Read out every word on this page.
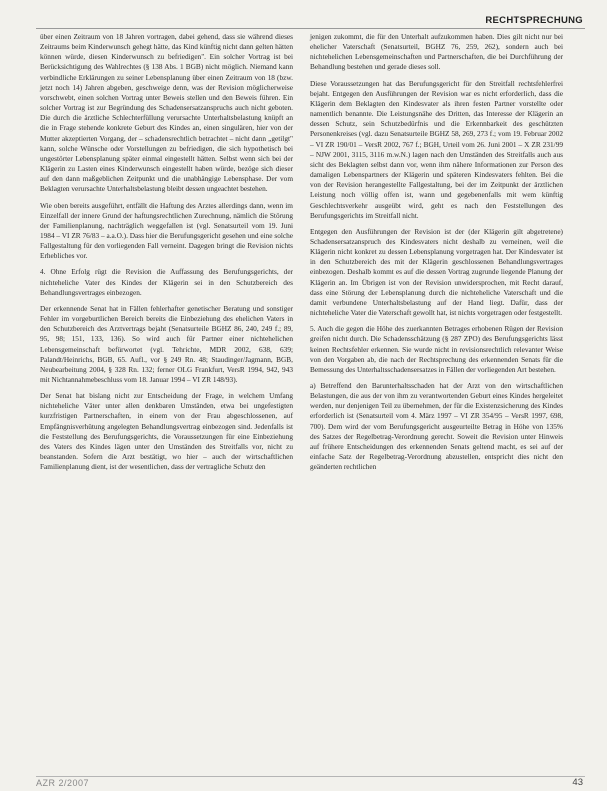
RECHTSPRECHUNG

über einen Zeitraum von 18 Jahren vortragen, dabei gehend, dass sie während dieses Zeitraums beim Kinderwunsch gehegt hätte, das Kind künftig nicht dann gelten hätten können würde, diesen Kinderwunsch zu befriedigen". Ein solcher Vortrag ist bei Berücksichtigung des Wahlrechtes (§ 138 Abs. 1 BGB) nicht möglich. Niemand kann verbindliche Erklärungen zu seiner Lebensplanung über einen Zeitraum von 18 (bzw. jetzt noch 14) Jahren abgeben, geschweige denn, was der Revision möglicherweise vorschwebt, einen solchen Vortrag unter Beweis stellen und den Beweis führen. Ein solcher Vortrag ist zur Begründung des Schadensersatzanspruchs auch nicht geboten. Die durch die ärztliche Schlechterfüllung verursachte Unterhaltsbelastung knüpft an die in Frage stehende konkrete Geburt des Kindes an, einen singulären, hier von der Mutter akzeptierten Vorgang, der – schadensrechtlich betrachtet – nicht dann „getilgt" kann, solche Wünsche oder Vorstellungen zu befriedigen, die sich hypothetisch bei ungestörter Lebensplanung später einmal eingestellt hätten. Selbst wenn sich bei der Klägerin zu Lasten eines Kinderwunsch eingestellt haben würde, bezöge sich dieser auf den dann maßgeblichen Zeitpunkt und die unabhängige Lebensphase. Der vom Beklagten verursachte Unterhaltsbelastung bleibt dessen ungeachtet bestehen.

Wie oben bereits ausgeführt, entfällt die Haftung des Arztes allerdings dann, wenn im Einzelfall der innere Grund der haftungsrechtlichen Zurechnung, nämlich die Störung der Familienplanung, nachträglich weggefallen ist (vgl. Senatsurteil vom 19. Juni 1984 – VI ZR 76/83 – a.a.O.). Dass hier die Berufungsgericht gesehen und eine solche Fallgestaltung für den vorliegenden Fall verneint. Dagegen bringt die Revision nichts Erhebliches vor.

4. Ohne Erfolg rügt die Revision die Auffassung des Berufungsgerichts, der nichteheliche Vater des Kindes der Klägerin sei in den Schutzbereich des Behandlungsvertrages einbezogen.

Der erkennende Senat hat in Fällen fehlerhafter genetischer Beratung und sonstiger Fehler im vorgeburtlichen Bereich bereits die Einbeziehung des ehelichen Vaters in den Schutzbereich des Arztvertrags bejaht (Senatsurteile BGHZ 86, 240, 249 f.; 89, 95, 98; 151, 133, 136). So wird auch für Partner einer nichtehelichen Lebensgemeinschaft befürwortet (vgl. Tehrichte, MDR 2002, 638, 639; Palandt/Heinrichs, BGB, 65. Aufl., vor § 249 Rn. 48; Staudinger/Jagmann, BGB, Neubearbeitung 2004, § 328 Rn. 132; ferner OLG Frankfurt, VersR 1994, 942, 943 mit Nichtannahmebeschluss vom 18. Januar 1994 – VI ZR 148/93).

Der Senat hat bislang nicht zur Entscheidung der Frage, in welchem Umfang nichteheliche Väter unter allen denkbaren Umständen, etwa bei ungefestigten kurzfristigen Partnerschaften, in einem von der Frau abgeschlossenen, auf Empfängnisverhütung angelegten Behandlungsvertrag einbezogen sind. Jedenfalls ist die Feststellung des Berufungsgerichts, die Voraussetzungen für eine Einbeziehung des Vaters des Kindes lägen unter den Umständen des Streitfalls vor, nicht zu beanstanden. Sofern die Arzt bestätigt, wo hier – auch der wirtschaftlichen Familienplanung dient, ist der wesentlichen, dass der vertragliche Schutz den

jenigen zukommt, die für den Unterhalt aufzukommen haben. Dies gilt nicht nur bei ehelicher Vaterschaft (Senatsurteil, BGHZ 76, 259, 262), sondern auch bei nichtehelichen Lebensgemeinschaften und Partnerschaften, die bei Durchführung der Behandlung bestehen und gerade dieses soll.

Diese Voraussetzungen hat das Berufungsgericht für den Streitfall rechtsfehlerfrei bejaht. Entgegen den Ausführungen der Revision war es nicht erforderlich, dass die Klägerin dem Beklagten den Kindesvater als ihren festen Partner vorstellte oder namentlich benannte. Die Leistungsnähe des Dritten, das Interesse der Klägerin an dessen Schutz, sein Schutzbedürfnis und die Erkennbarkeit des geschützten Personenkreises (vgl. dazu Senatsurteile BGHZ 58, 269, 273 f.; vom 19. Februar 2002 – VI ZR 190/01 – VersR 2002, 767 f.; BGH, Urteil vom 26. Juni 2001 – X ZR 231/99 – NJW 2001, 3115, 3116 m.w.N.) lagen nach den Umständen des Streitfalls auch aus sicht des Beklagten selbst dann vor, wenn ihm nähere Informationen zur Person des damaligen Lebenspartners der Klägerin und späteren Kindesvaters fehlten. Bei die von der Revision herangestellte Fallgestaltung, bei der im Zeitpunkt der ärztlichen Leistung noch völlig offen ist, wann und gegebenenfalls mit wem künftig Geschlechtsverkehr ausgeübt wird, geht es nach den Feststellungen des Berufungsgerichts im Streitfall nicht.

Entgegen den Ausführungen der Revision ist der (der Klägerin gilt abgetretene) Schadensersatzanspruch des Kindesvaters nicht deshalb zu verneinen, weil die Klägerin nicht konkret zu dessen Lebensplanung vorgetragen hat. Der Kindesvater ist in den Schutzbereich des mit der Klägerin geschlossenen Behandlungsvertrages einbezogen. Deshalb kommt es auf die dessen Vortrag zugrunde liegende Planung der Klägerin an. Im Übrigen ist von der Revision unwidersprochen, mit Recht darauf, dass eine Störung der Lebensplanung durch die nichteheliche Vaterschaft und die damit verbundene Unterhaltsbelastung auf der Hand liegt. Dafür, dass der nichteheliche Vater die Vaterschaft gewollt hat, ist nichts vorgetragen oder festgestellt.

5. Auch die gegen die Höhe des zuerkannten Betrages erhobenen Rügen der Revision greifen nicht durch. Die Schadensschätzung (§ 287 ZPO) des Berufungsgerichts lässt keinen Rechtsfehler erkennen. Sie wurde nicht in revisionsrechtlich relevanter Weise von den Vorgaben ab, die nach der Rechtsprechung des erkennenden Senats für die Bemessung des Unterhaltsschadensersatzes in Fällen der vorliegenden Art bestehen.

a) Betreffend den Barunterhaltsschaden hat der Arzt von den wirtschaftlichen Belastungen, die aus der von ihm zu verantwortenden Geburt eines Kindes hergeleitet werden, nur denjenigen Teil zu übernehmen, der für die Existenzsicherung des Kindes erforderlich ist (Senatsurteil vom 4. März 1997 – VI ZR 354/95 – VersR 1997, 698, 700). Dem wird der vom Berufungsgericht ausgeurteilte Betrag in Höhe von 135% des Satzes der Regelbetrag-Verordnung gerecht. Soweit die Revision unter Hinweis auf frühere Entscheidungen des erkennenden Senats geltend macht, es sei auf der einfache Satz der Regelbetrag-Verordnung abzustellen, entspricht dies nicht den geänderten rechtlichen

AZR 2/2007	43
